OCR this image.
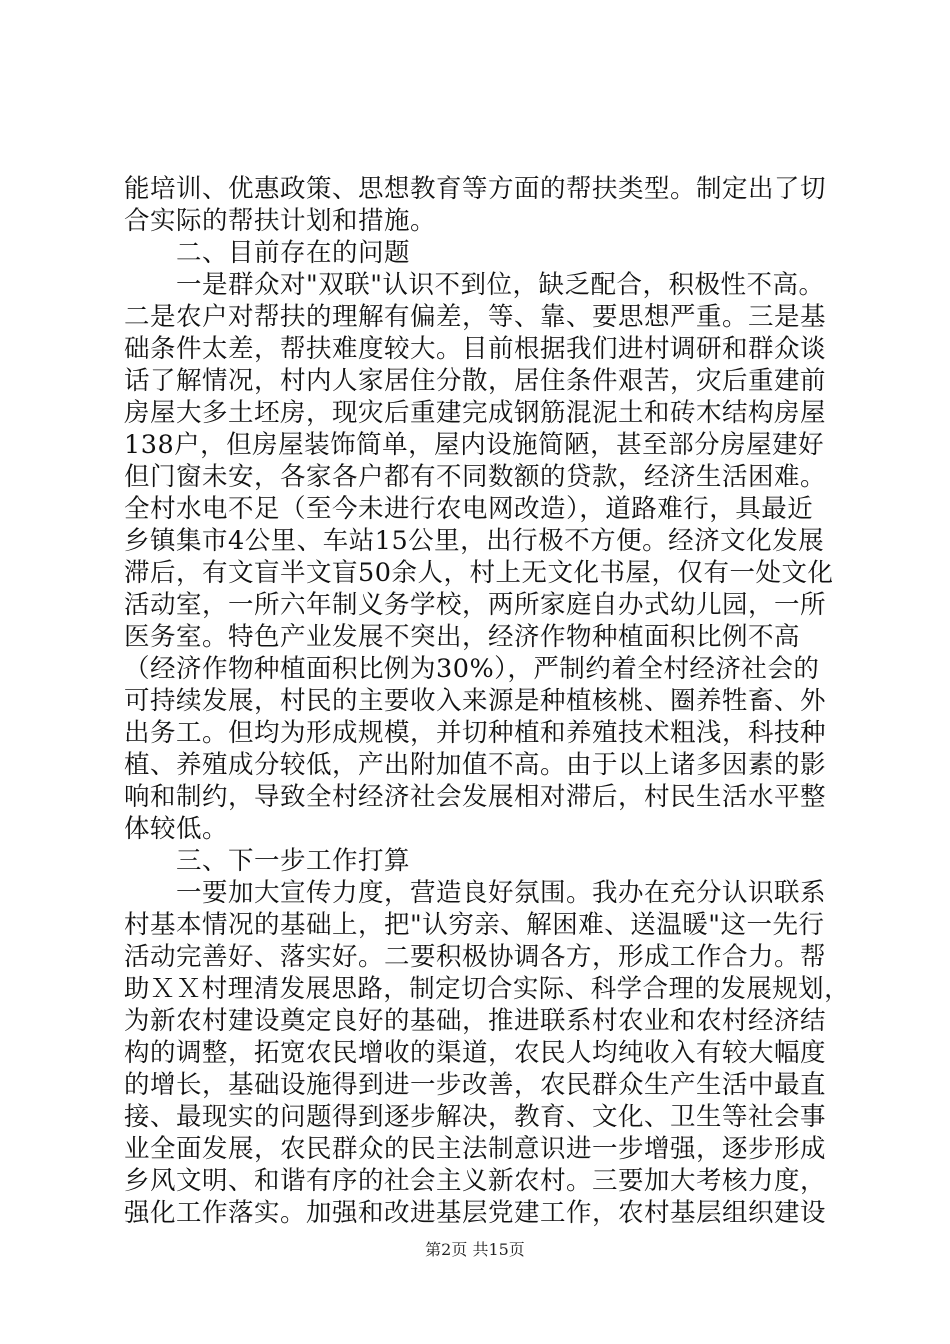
能培训、优惠政策、思想教育等方面的帮扶类型。制定出了切
合实际的帮扶计划和措施。
　　二、目前存在的问题
　　一是群众对"双联"认识不到位，缺乏配合，积极性不高。
二是农户对帮扶的理解有偏差，等、靠、要思想严重。三是基
础条件太差，帮扶难度较大。目前根据我们进村调研和群众谈
话了解情况，村内人家居住分散，居住条件艰苦，灾后重建前
房屋大多土坯房，现灾后重建完成钢筋混泥土和砖木结构房屋
138户，但房屋装饰简单，屋内设施简陋，甚至部分房屋建好
但门窗未安，各家各户都有不同数额的贷款，经济生活困难。
全村水电不足（至今未进行农电网改造），道路难行，具最近
乡镇集市4公里、车站15公里，出行极不方便。经济文化发展
滞后，有文盲半文盲50余人，村上无文化书屋，仅有一处文化
活动室，一所六年制义务学校，两所家庭自办式幼儿园，一所
医务室。特色产业发展不突出，经济作物种植面积比例不高
（经济作物种植面积比例为30%），严制约着全村经济社会的
可持续发展，村民的主要收入来源是种植核桃、圈养牲畜、外
出务工。但均为形成规模，并切种植和养殖技术粗浅，科技种
植、养殖成分较低，产出附加值不高。由于以上诸多因素的影
响和制约，导致全村经济社会发展相对滞后，村民生活水平整
体较低。
　　三、下一步工作打算
　　一要加大宣传力度，营造良好氛围。我办在充分认识联系
村基本情况的基础上，把"认穷亲、解困难、送温暖"这一先行
活动完善好、落实好。二要积极协调各方，形成工作合力。帮
助ＸＸ村理清发展思路，制定切合实际、科学合理的发展规划，
为新农村建设奠定良好的基础，推进联系村农业和农村经济结
构的调整，拓宽农民增收的渠道，农民人均纯收入有较大幅度
的增长，基础设施得到进一步改善，农民群众生产生活中最直
接、最现实的问题得到逐步解决，教育、文化、卫生等社会事
业全面发展，农民群众的民主法制意识进一步增强，逐步形成
乡风文明、和谐有序的社会主义新农村。三要加大考核力度，
强化工作落实。加强和改进基层党建工作，农村基层组织建设
第2页 共15页
